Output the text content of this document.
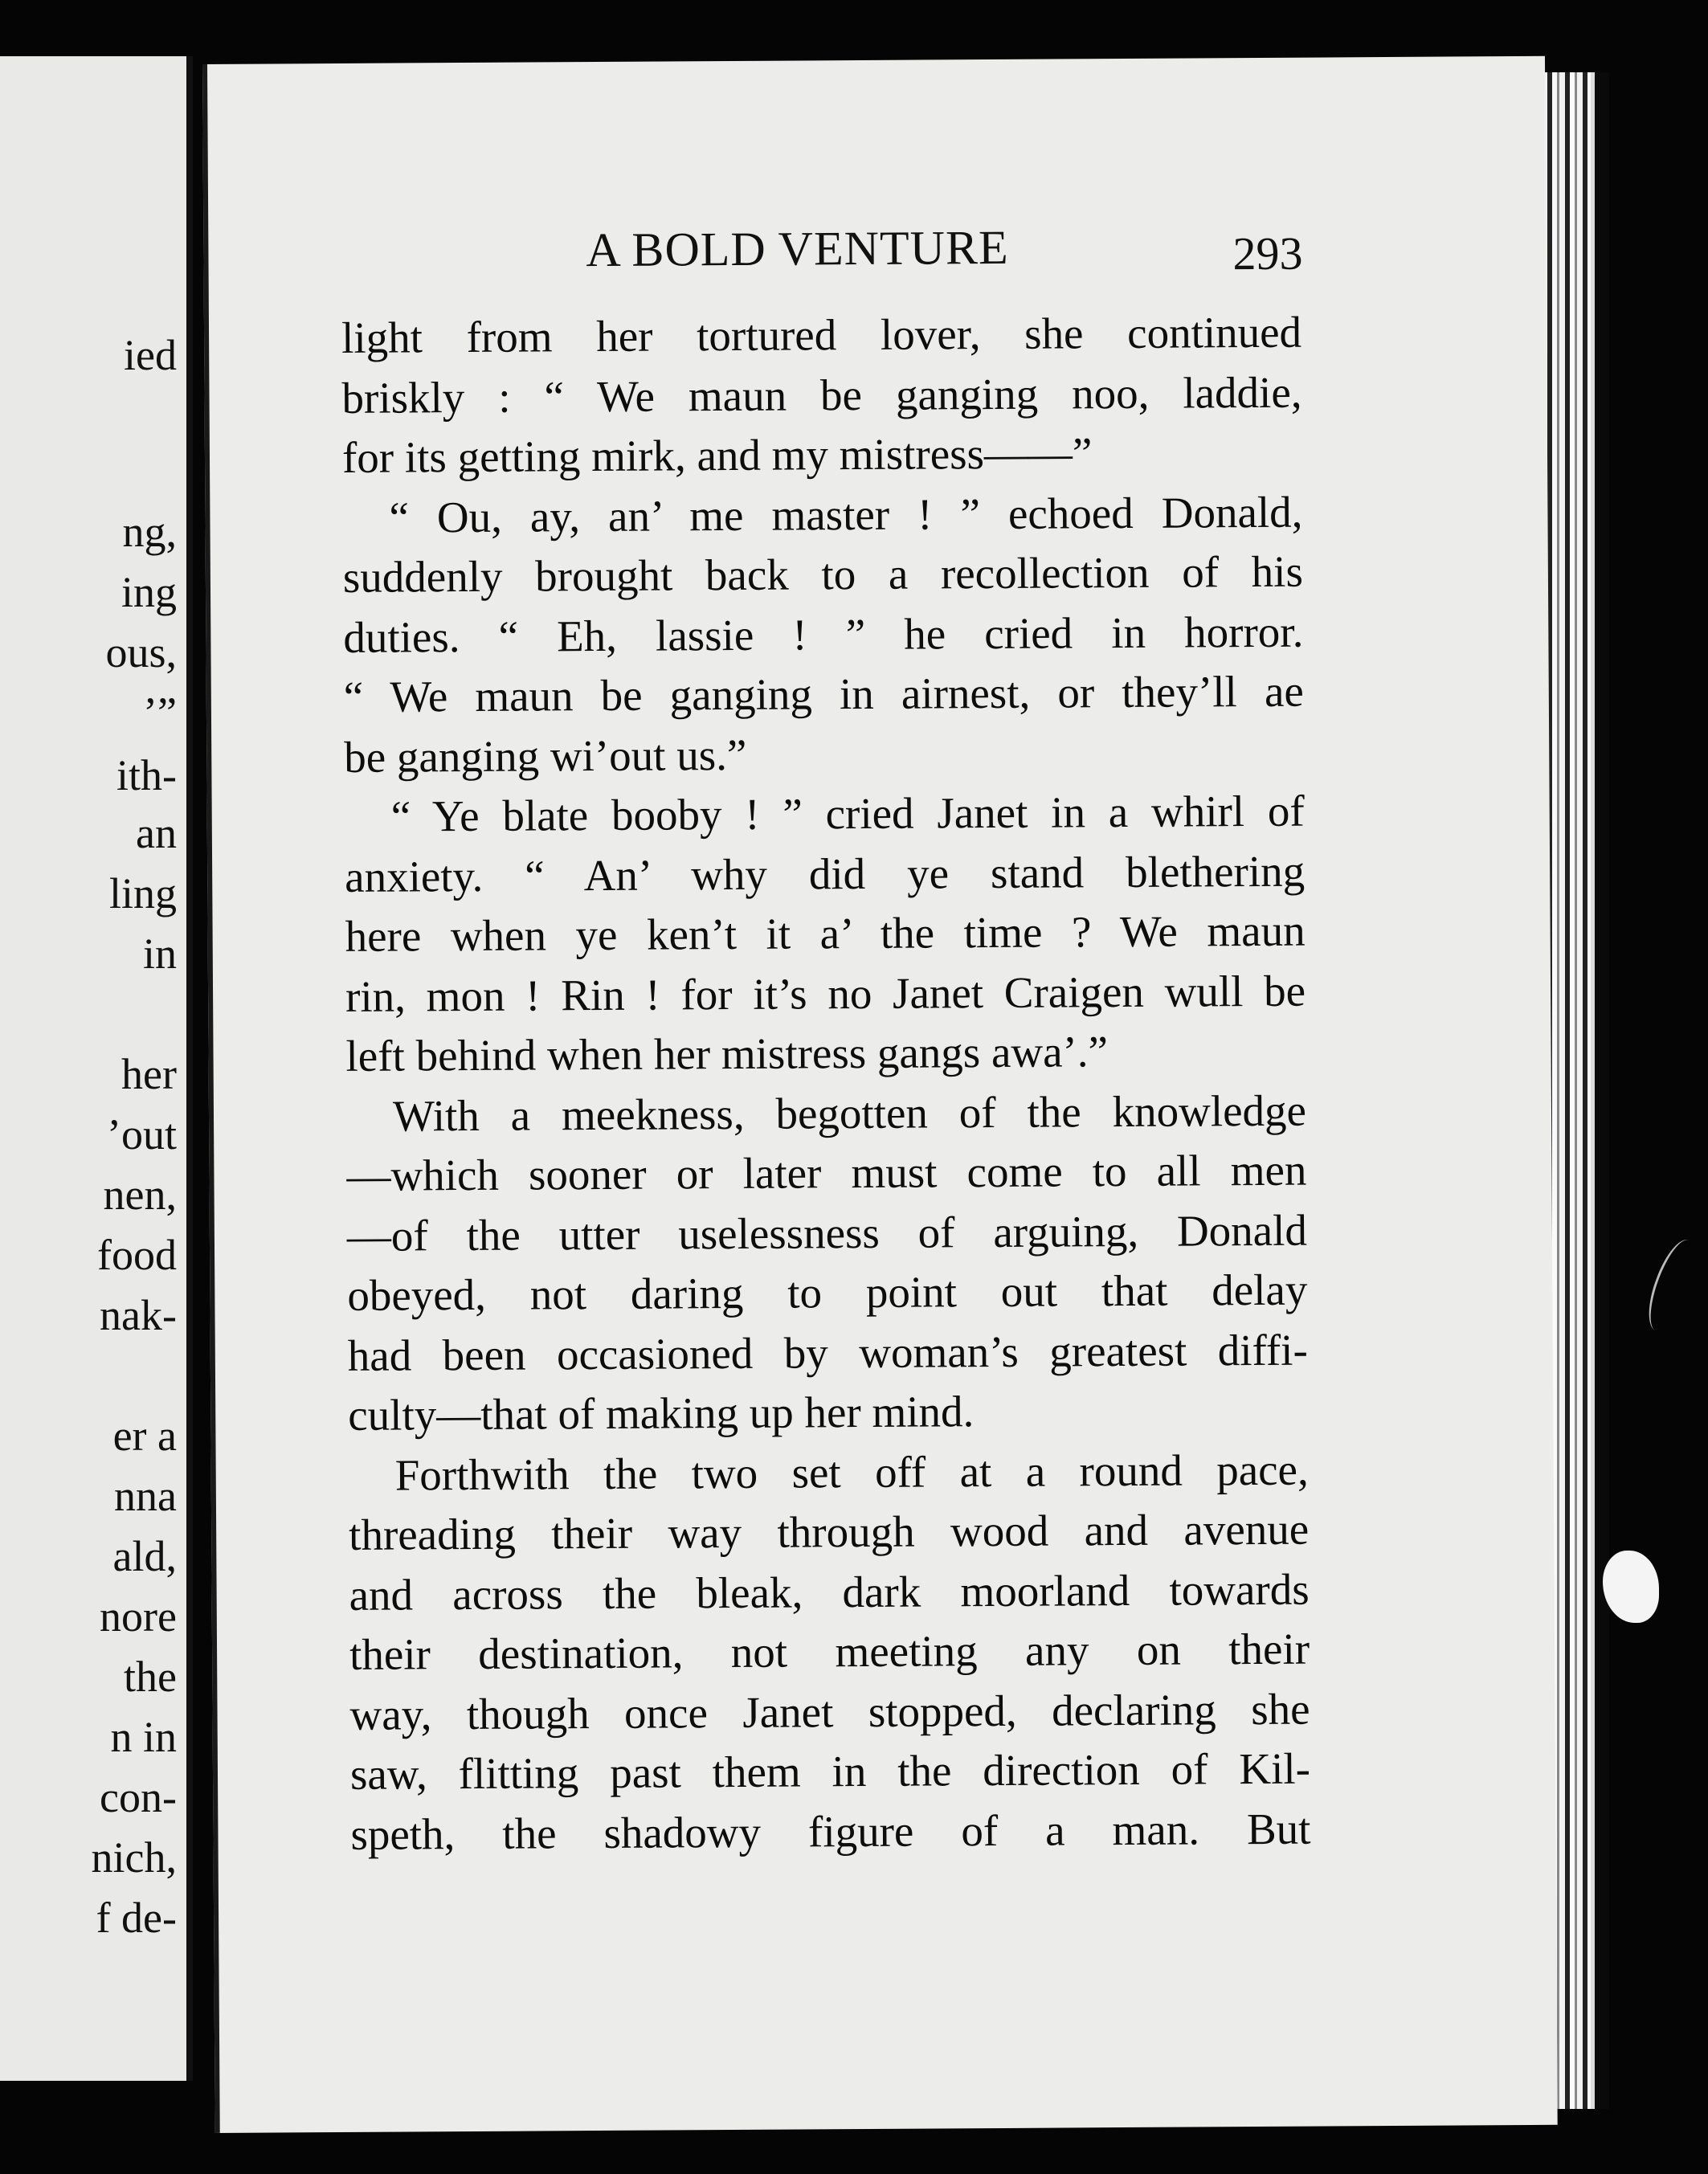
ied
ng,
ing
ous,
’”
ith-
an
ling
in
her
’out
nen,
food
nak-
er a
nna
ald,
nore
the
n in
con-
nich,
f de-
A BOLD VENTURE	293
light from her tortured lover, she continued
briskly : “ We maun be ganging noo, laddie,
for its getting mirk, and my mistress——”
“ Ou, ay, an’ me master ! ” echoed Donald,
suddenly brought back to a recollection of his
duties. “ Eh, lassie ! ” he cried in horror.
“ We maun be ganging in airnest, or they’ll ae
be ganging wi’out us.”
“ Ye blate booby ! ” cried Janet in a whirl of
anxiety. “ An’ why did ye stand blethering
here when ye ken’t it a’ the time ? We maun
rin, mon ! Rin ! for it’s no Janet Craigen wull be
left behind when her mistress gangs awa’.”
With a meekness, begotten of the knowledge
—which sooner or later must come to all men
—of the utter uselessness of arguing, Donald
obeyed, not daring to point out that delay
had been occasioned by woman’s greatest diffi-
culty—that of making up her mind.
Forthwith the two set off at a round pace,
threading their way through wood and avenue
and across the bleak, dark moorland towards
their destination, not meeting any on their
way, though once Janet stopped, declaring she
saw, flitting past them in the direction of Kil-
speth, the shadowy figure of a man. But
